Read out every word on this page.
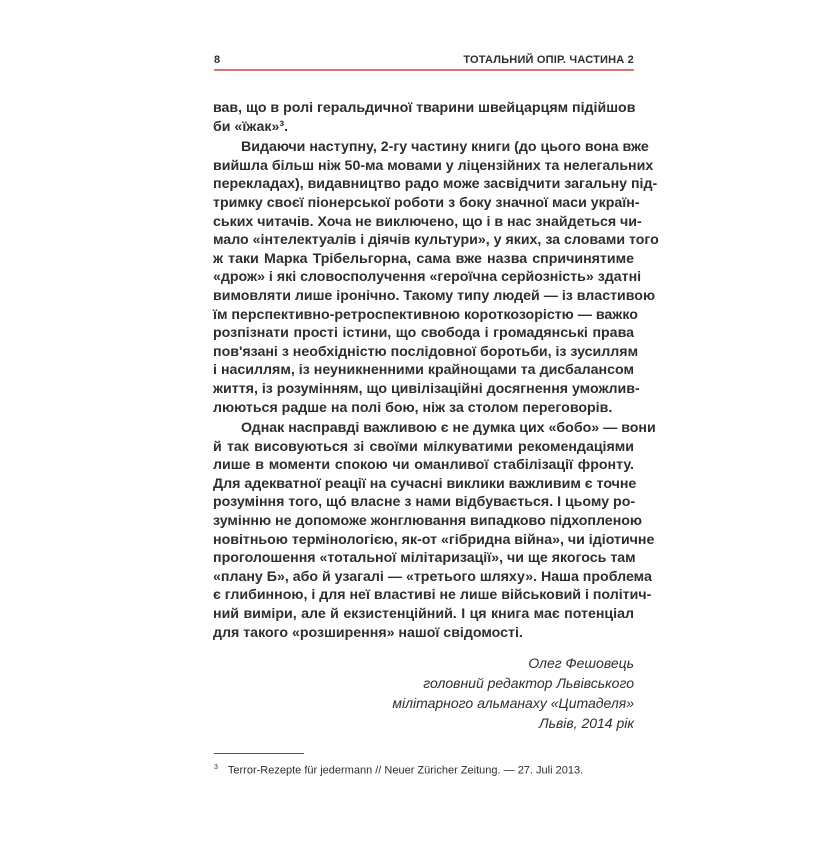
8	ТОТАЛЬНИЙ ОПІР. ЧАСТИНА 2
вав, що в ролі геральдичної тварини швейцарцям підійшов
би «їжак»³.
Видаючи наступну, 2-гу частину книги (до цього вона вже
вийшла більш ніж 50-ма мовами у ліцензійних та нелегальних
перекладах), видавництво радо може засвідчити загальну під-
тримку своєї піонерської роботи з боку значної маси україн-
ських читачів. Хоча не виключено, що і в нас знайдеться чи-
мало «інтелектуалів і діячів культури», у яких, за словами того
ж таки Марка Трібельгорна, сама вже назва спричинятиме
«дрож» і які словосполучення «героїчна серйозність» здатні
вимовляти лише іронічно. Такому типу людей — із властивою
їм перспективно-ретроспективною короткозорістю — важко
розпізнати прості істини, що свобода і громадянські права
пов'язані з необхідністю послідовної боротьби, із зусиллям
і насиллям, із неуникненними крайнощами та дисбалансом
життя, із розумінням, що цивілізаційні досягнення уможлив-
люються радше на полі бою, ніж за столом переговорів.
Однак насправді важливою є не думка цих «бобо» — вони
й так висовуються зі своїми мілкуватими рекомендаціями
лише в моменти спокою чи оманливої стабілізації фронту.
Для адекватної реації на сучасні виклики важливим є точне
розуміння того, щó власне з нами відбувається. І цьому ро-
зумінню не допоможе жонглювання випадково підхопленою
новітньою термінологією, як-от «гібридна війна», чи ідіотичне
проголошення «тотальної мілітаризації», чи ще якогось там
«плану Б», або й узагалі — «третього шляху». Наша проблема
є глибинною, і для неї властиві не лише військовий і політич-
ний виміри, але й екзистенційний. І ця книга має потенціал
для такого «розширення» нашої свідомості.
Олег Фешовець
головний редактор Львівського
мілітарного альманаху «Цитаделя»
Львів, 2014 рік
$^3$ Terror-Rezepte für jedermann // Neuer Züricher Zeitung. — 27. Juli 2013.
